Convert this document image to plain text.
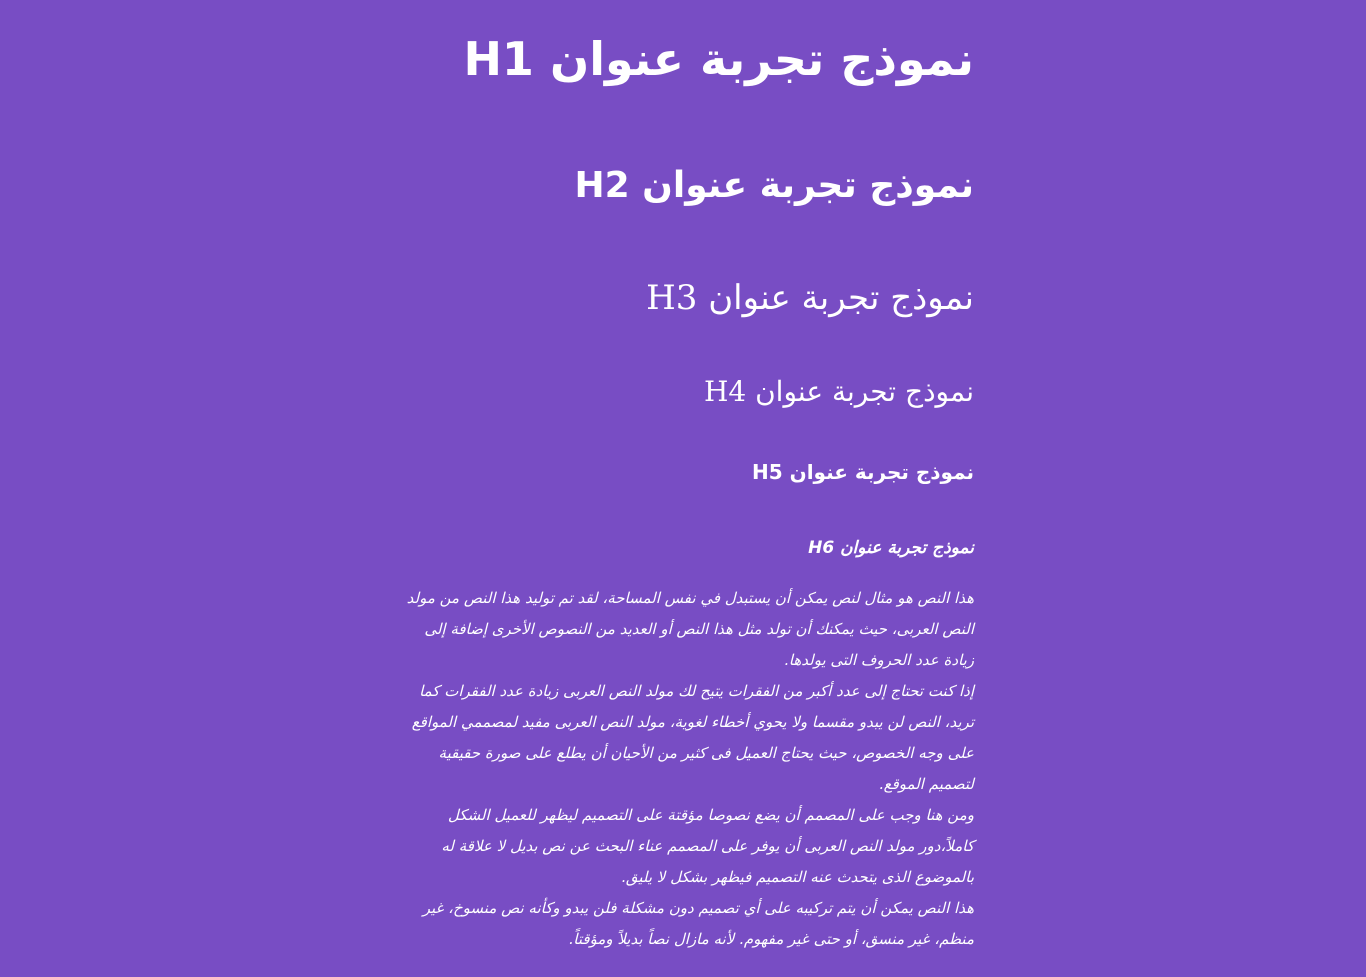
نموذج تجربة عنوان H1
نموذج تجربة عنوان H2
نموذج تجربة عنوان H3
نموذج تجربة عنوان H4
نموذج تجربة عنوان H5
نموذج تجربة عنوان H6

هذا النص هو مثال لنص يمكن أن يستبدل في نفس المساحة، لقد تم توليد هذا النص من مولد النص العربى، حيث يمكنك أن تولد مثل هذا النص أو العديد من النصوص الأخرى إضافة إلى زيادة عدد الحروف التى يولدها.

إذا كنت تحتاج إلى عدد أكبر من الفقرات يتيح لك مولد النص العربى زيادة عدد الفقرات كما تريد، النص لن يبدو مقسما ولا يحوي أخطاء لغوية، مولد النص العربى مفيد لمصممي المواقع على وجه الخصوص، حيث يحتاج العميل فى كثير من الأحيان أن يطلع على صورة حقيقية لتصميم الموقع.

ومن هنا وجب على المصمم أن يضع نصوصا مؤقتة على التصميم ليظهر للعميل الشكل كاملاً،دور مولد النص العربى أن يوفر على المصمم عناء البحث عن نص بديل لا علاقة له بالموضوع الذى يتحدث عنه التصميم فيظهر بشكل لا يليق.

هذا النص يمكن أن يتم تركيبه على أي تصميم دون مشكلة فلن يبدو وكأنه نص منسوخ، غير منظم، غير منسق، أو حتى غير مفهوم. لأنه مازال نصاً بديلاً ومؤقتاً.
